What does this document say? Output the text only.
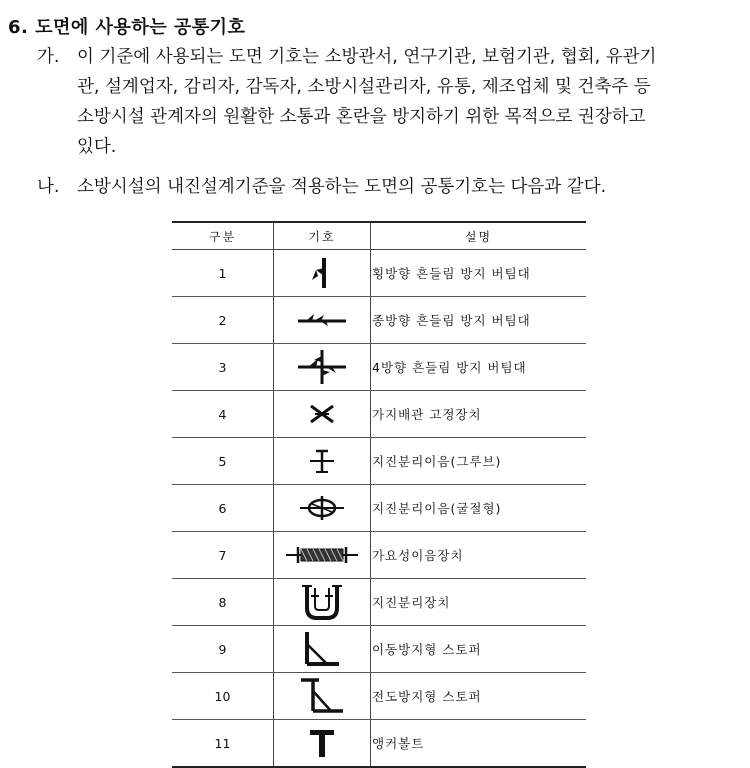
6. 도면에 사용하는 공통기호
가. 이 기준에 사용되는 도면 기호는 소방관서, 연구기관, 보험기관, 협회, 유관기
관, 설계업자, 감리자, 감독자, 소방시설관리자, 유통, 제조업체 및 건축주 등
소방시설 관계자의 원활한 소통과 혼란을 방지하기 위한 목적으로 권장하고
있다.
나. 소방시설의 내진설계기준을 적용하는 도면의 공통기호는 다음과 같다.
구분	기호	설명
1		횡방향 흔들림 방지 버팀대
2		종방향 흔들림 방지 버팀대
3		4방향 흔들림 방지 버팀대
4		가지배관 고정장치
5		지진분리이음(그루브)
6		지진분리이음(굴절형)
7		가요성이음장치
8		지진분리장치
9		이동방지형 스토퍼
10		전도방지형 스토퍼
11		앵커볼트
